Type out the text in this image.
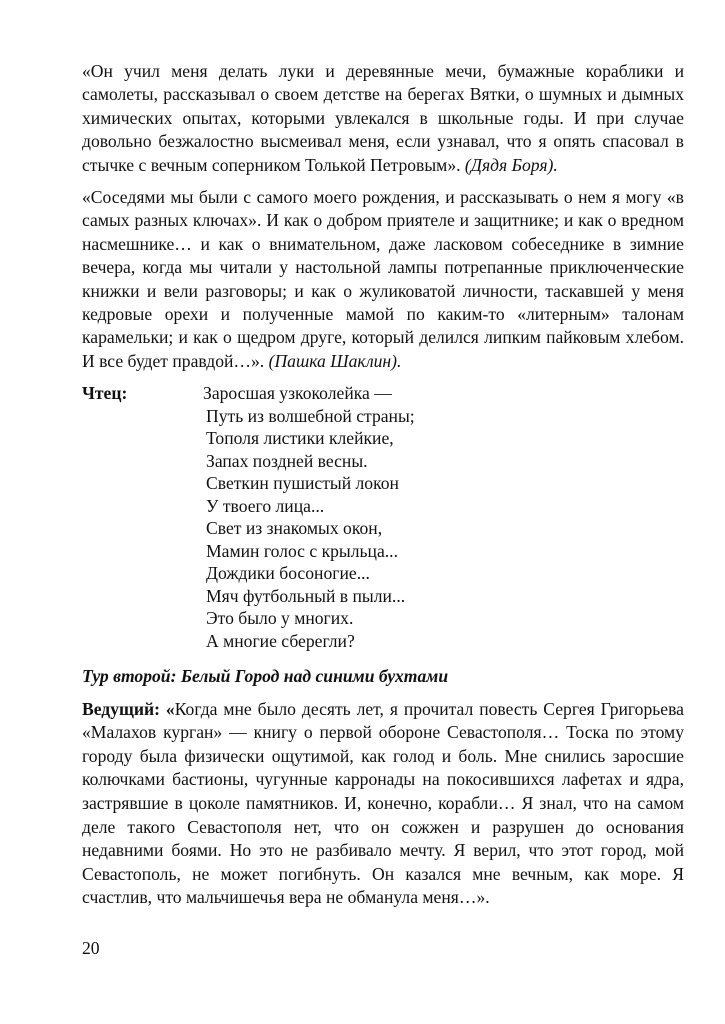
«Он учил меня делать луки и деревянные мечи, бумажные кораблики и самолеты, рассказывал о своем детстве на берегах Вятки, о шумных и дымных химических опытах, которыми увлекался в школьные годы. И при случае довольно безжалостно высмеивал меня, если узнавал, что я опять спасовал в стычке с вечным соперником Толькой Петровым». (Дядя Боря).

«Соседями мы были с самого моего рождения, и рассказывать о нем я могу «в самых разных ключах». И как о добром приятеле и защитнике; и как о вредном насмешнике… и как о внимательном, даже ласковом собеседнике в зимние вечера, когда мы читали у настольной лампы потрепанные приключенческие книжки и вели разговоры; и как о жуликоватой личности, таскавшей у меня кедровые орехи и полученные мамой по каким-то «литерным» талонам карамельки; и как о щедром друге, который делился липким пайковым хлебом. И все будет правдой…». (Пашка Шаклин).

Чтец:	Заросшая узкоколейка —
Путь из волшебной страны;
Тополя листики клейкие,
Запах поздней весны.
Светкин пушистый локон
У твоего лица...
Свет из знакомых окон,
Мамин голос с крыльца...
Дождики босоногие...
Мяч футбольный в пыли...
Это было у многих.
А многие сберегли?

Тур второй: Белый Город над синими бухтами

Ведущий: «Когда мне было десять лет, я прочитал повесть Сергея Григорьева «Малахов курган» — книгу о первой обороне Севастополя… Тоска по этому городу была физически ощутимой, как голод и боль. Мне снились заросшие колючками бастионы, чугунные карронады на покосившихся лафетах и ядра, застрявшие в цоколе памятников. И, конечно, корабли… Я знал, что на самом деле такого Севастополя нет, что он сожжен и разрушен до основания недавними боями. Но это не разбивало мечту. Я верил, что этот город, мой Севастополь, не может погибнуть. Он казался мне вечным, как море. Я счастлив, что мальчишечья вера не обманула меня…».

20
